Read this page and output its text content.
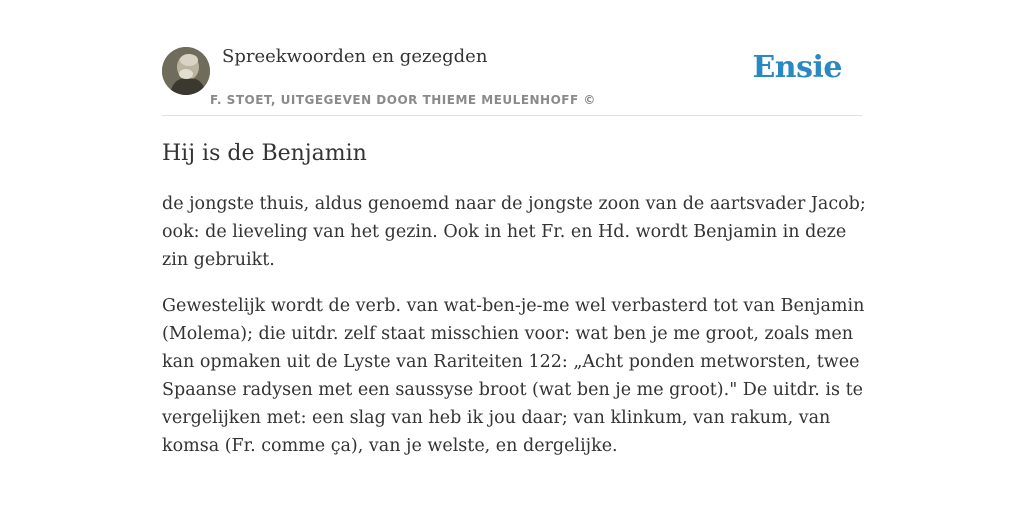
Spreekwoorden en gezegden
F. STOET, UITGEGEVEN DOOR THIEME MEULENHOFF ©
Ensie
Hij is de Benjamin

de jongste thuis, aldus genoemd naar de jongste zoon van de aartsvader Jacob; ook: de lieveling van het gezin. Ook in het Fr. en Hd. wordt Benjamin in deze zin gebruikt.

Gewestelijk wordt de verb. van wat-ben-je-me wel verbasterd tot van Benjamin (Molema); die uitdr. zelf staat misschien voor: wat ben je me groot, zoals men kan opmaken uit de Lyste van Rariteiten 122: „Acht ponden metworsten, twee Spaanse radysen met een saussyse broot (wat ben je me groot)." De uitdr. is te vergelijken met: een slag van heb ik jou daar; van klinkum, van rakum, van komsa (Fr. comme ça), van je welste, en dergelijke.
